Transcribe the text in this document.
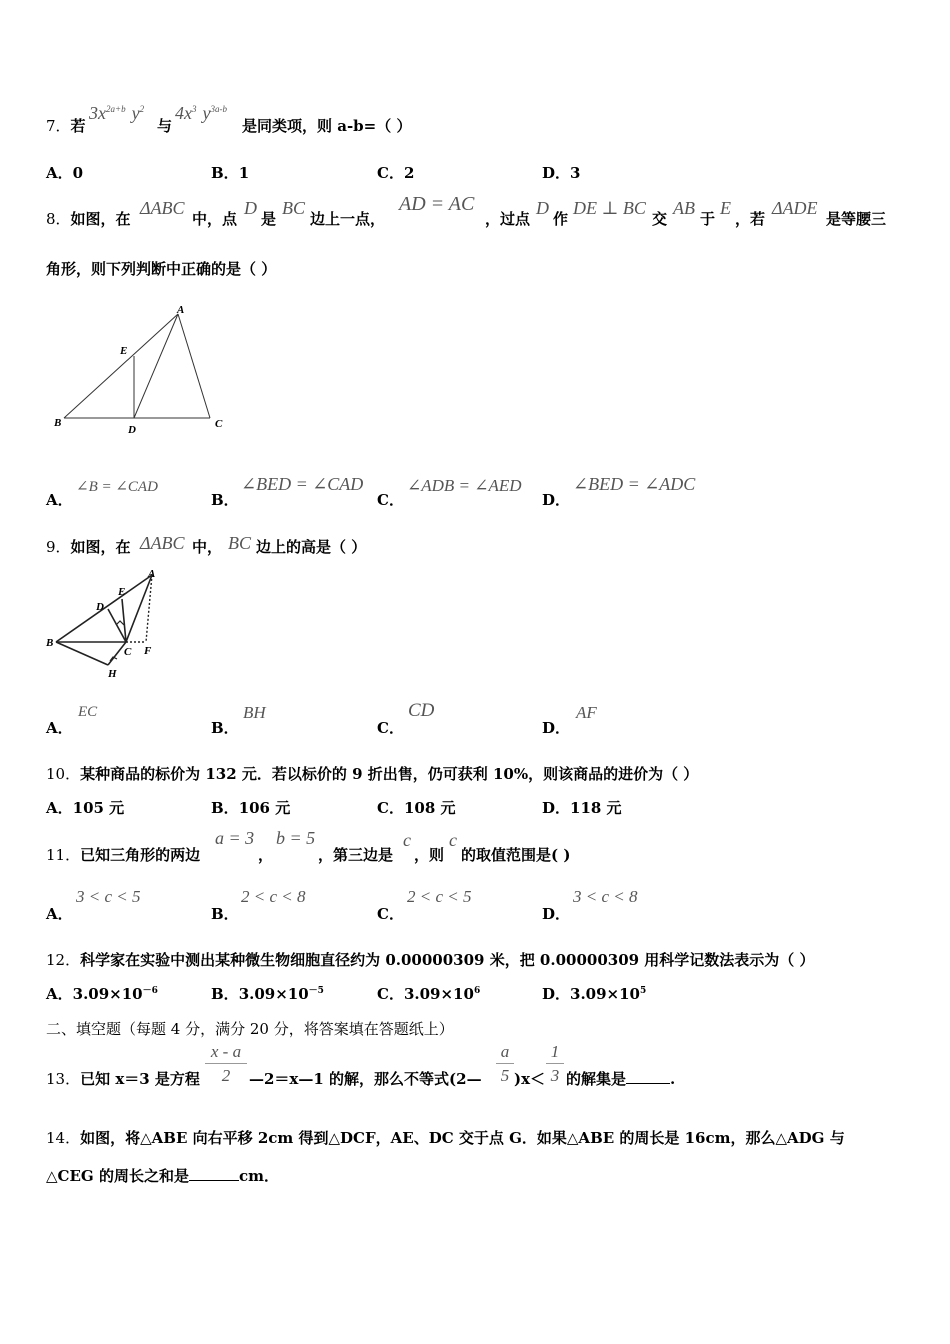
7．若
$3x^{2a+b}$ $y^2$
与
$4x^3$ $y^{3a-b}$
是同类项，则 a-b=（ ）
A．0	B．1	C．2	D．3
8．如图，在
ΔABC
中，点
D
是
BC
边上一点，
AD = AC
，过点
D
作
DE ⊥ BC
交
AB
于
E
，若
ΔADE
是等腰三
角形，则下列判断中正确的是（ ）
A
E
B
D	C
A．
∠B = ∠CAD
B．
∠BED = ∠CAD
C．
∠ADB = ∠AED
D．
∠BED = ∠ADC
9．如图，在 ΔABC 中， BC 边上的高是（ ）
A
E
D
B
C F
H
A．
EC
B．
BH
C．
CD
D．
AF
10．某种商品的标价为 132 元．若以标价的 9 折出售，仍可获利 10%，则该商品的进价为（ ）
A．105 元	B．106 元	C．108 元	D．118 元
11．已知三角形的两边
a = 3
，
b = 5
，第三边是
c
，则
c
的取值范围是( )
A．
3 < c < 5
B．
2 < c < 8
C．
2 < c < 5
D．
3 < c < 8
12．科学家在实验中测出某种微生物细胞直径约为 0.00000309 米，把 0.00000309 用科学记数法表示为（ ）
A．$3.09\times 10^{-6}$	B．$3.09\times 10^{-5}$	C．$3.09\times 10^6$	D．$3.09\times 10^5$
二、填空题（每题 4 分，满分 20 分，将答案填在答题纸上）
13．已知 x＝3 是方程
x - a
2	—2＝x—1 的解，那么不等式(2—
a
5 )x＜
1
3 的解集是	.
14．如图，将△ABE 向右平移 2cm 得到△DCF，AE、DC 交于点 G．如果△ABE 的周长是 16cm，那么△ADG 与
△CEG 的周长之和是	cm．
